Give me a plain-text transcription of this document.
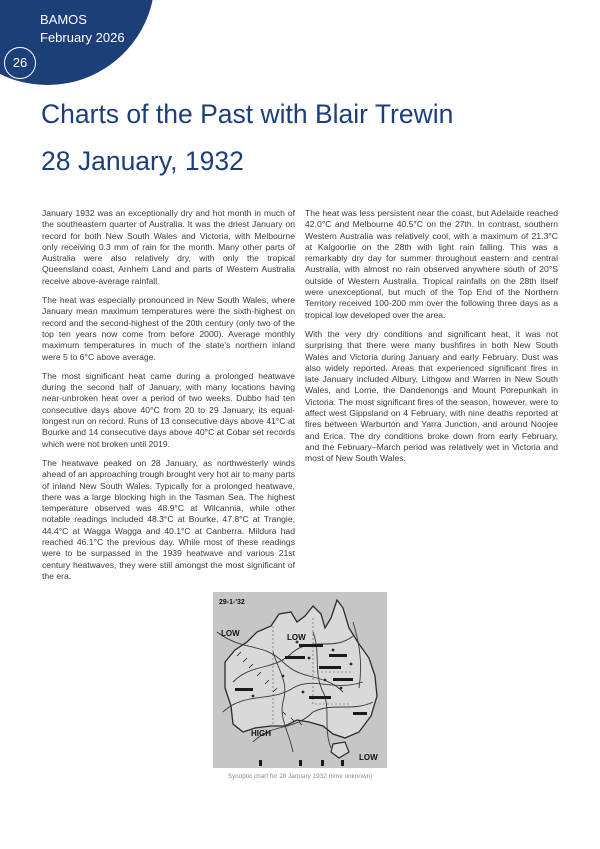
BAMOS
February 2026
26
Charts of the Past with Blair Trewin
28 January, 1932

January 1932 was an exceptionally dry and hot month in much of the southeastern quarter of Australia. It was the driest January on record for both New South Wales and Victoria, with Melbourne only receiving 0.3 mm of rain for the month. Many other parts of Australia were also relatively dry, with only the tropical Queensland coast, Arnhem Land and parts of Western Australia receive above-average rainfall.

The heat was especially pronounced in New South Wales, where January mean maximum temperatures were the sixth-highest on record and the second-highest of the 20th century (only two of the top ten years now come from before 2000). Average monthly maximum temperatures in much of the state's northern inland were 5 to 6°C above average.

The most significant heat came during a prolonged heatwave during the second half of January, with many locations having near-unbroken heat over a period of two weeks. Dubbo had ten consecutive days above 40°C from 20 to 29 January, its equal-longest run on record. Runs of 13 consecutive days above 41°C at Bourke and 14 consecutive days above 40°C at Cobar set records which were not broken until 2019.

The heatwave peaked on 28 January, as northwesterly winds ahead of an approaching trough brought very hot air to many parts of inland New South Wales. Typically for a prolonged heatwave, there was a large blocking high in the Tasman Sea. The highest temperature observed was 48.9°C at Wilcannia, while other notable readings included 48.3°C at Bourke, 47.8°C at Trangie, 44.4°C at Wagga Wagga and 40.1°C at Canberra. Mildura had reached 46.1°C the previous day. While most of these readings were to be surpassed in the 1939 heatwave and various 21st century heatwaves, they were still amongst the most significant of the era.

The heat was less persistent near the coast, but Adelaide reached 42.0°C and Melbourne 40.5°C on the 27th. In contrast, southern Western Australia was relatively cool, with a maximum of 21.3°C at Kalgoorlie on the 28th with light rain falling. This was a remarkably dry day for summer throughout eastern and central Australia, with almost no rain observed anywhere south of 20°S outside of Western Australia. Tropical rainfalls on the 28th itself were unexceptional, but much of the Top End of the Northern Territory received 100-200 mm over the following three days as a tropical low developed over the area.

With the very dry conditions and significant heat, it was not surprising that there were many bushfires in both New South Wales and Victoria during January and early February. Dust was also widely reported. Areas that experienced significant fires in late January included Albury, Lithgow and Warren in New South Wales, and Lorne, the Dandenongs and Mount Porepunkah in Victoria. The most significant fires of the season, however, were to affect west Gippsland on 4 February, with nine deaths reported at fires between Warburton and Yarra Junction, and around Noojee and Erica. The dry conditions broke down from early February, and the February–March period was relatively wet in Victoria and most of New South Wales.

29-1-'32
LOW	LOW
LOW
HIGH
Synoptic chart for 28 January 1932 (time unknown)
